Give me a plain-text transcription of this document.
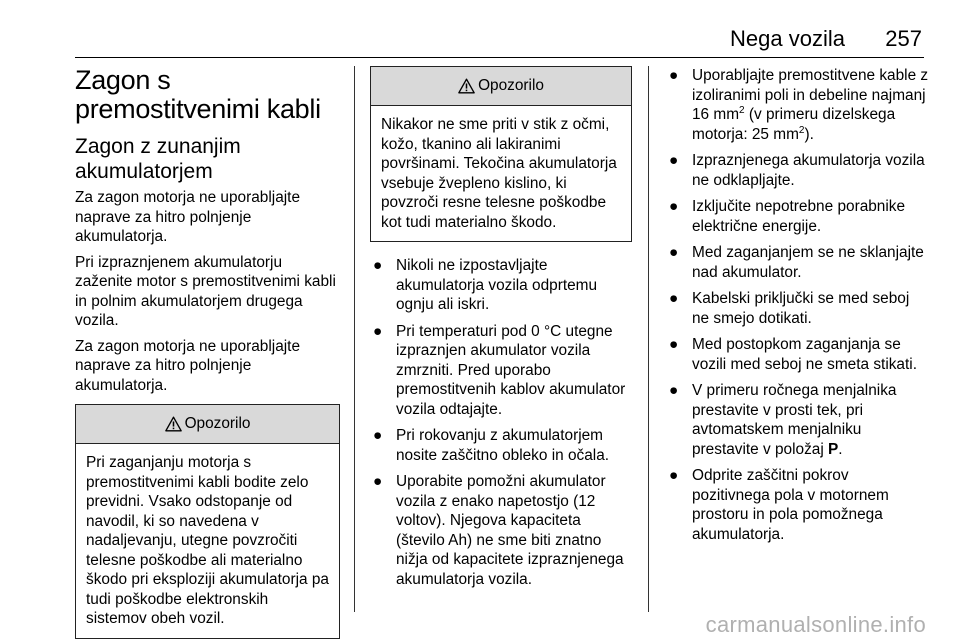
Nega vozila 257
Zagon s premostitvenimi kabli
Zagon z zunanjim akumulatorjem

Za zagon motorja ne uporabljajte naprave za hitro polnjenje akumulatorja.

Pri izpraznjenem akumulatorju zaženite motor s premostitvenimi kabli in polnim akumulatorjem drugega vozila.

Za zagon motorja ne uporabljajte naprave za hitro polnjenje akumulatorja.

Opozorilo
Pri zaganjanju motorja s premostitvenimi kabli bodite zelo previdni. Vsako odstopanje od navodil, ki so navedena v nadaljevanju, utegne povzročiti telesne poškodbe ali materialno škodo pri eksploziji akumulatorja pa tudi poškodbe elektronskih sistemov obeh vozil.
Opozorilo
Nikakor ne sme priti v stik z očmi, kožo, tkanino ali lakiranimi površinami. Tekočina akumulatorja vsebuje žvepleno kislino, ki povzroči resne telesne poškodbe kot tudi materialno škodo.
● Nikoli ne izpostavljajte akumulatorja vozila odprtemu ognju ali iskri.
● Pri temperaturi pod 0 °C utegne izpraznjen akumulator vozila zmrzniti. Pred uporabo premostitvenih kablov akumulator vozila odtajajte.
● Pri rokovanju z akumulatorjem nosite zaščitno obleko in očala.
● Uporabite pomožni akumulator vozila z enako napetostjo (12 voltov). Njegova kapaciteta (število Ah) ne sme biti znatno nižja od kapacitete izpraznjenega akumulatorja vozila.
● Uporabljajte premostitvene kable z izoliranimi poli in debeline najmanj 16 $mm^2$ (v primeru dizelskega motorja: 25 $mm^2$).
● Izpraznjenega akumulatorja vozila ne odklapljajte.
● Izključite nepotrebne porabnike električne energije.
● Med zaganjanjem se ne sklanjajte nad akumulator.
● Kabelski priključki se med seboj ne smejo dotikati.
● Med postopkom zaganjanja se vozili med seboj ne smeta stikati.
● V primeru ročnega menjalnika prestavite v prosti tek, pri avtomatskem menjalniku prestavite v položaj P.
● Odprite zaščitni pokrov pozitivnega pola v motornem prostoru in pola pomožnega akumulatorja.
carmanualsonline.info
